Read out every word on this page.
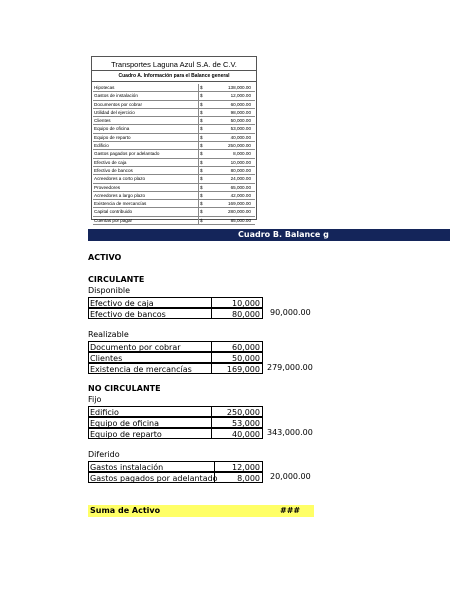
Transportes Laguna Azul S.A. de C.V.
Cuadro A. Información para el Balance general
Hipotecas	$	138,000.00
Gastos de instalación	$	12,000.00
Documentos por cobrar	$	60,000.00
Utilidad del ejercicio	$	98,000.00
Clientes	$	50,000.00
Equipo de oficina	$	53,000.00
Equipo de reparto	$	40,000.00
Edificio	$	250,000.00
Gastos pagados por adelantado	$	8,000.00
Efectivo de caja	$	10,000.00
Efectivo de bancos	$	80,000.00
Acreedores a corto plazo	$	24,000.00
Proveedores	$	65,000.00
Acreedores a largo plazo	$	42,000.00
Existencia de mercancías	$	169,000.00
Capital contribuido	$	280,000.00
Cuentas por pagar	$	85,000.00
Cuadro B. Balance g
ACTIVO
CIRCULANTE
Disponible
Efectivo de caja	10,000
Efectivo de bancos	80,000	90,000.00
Realizable
Documento por cobrar	60,000
Clientes	50,000
Existencia de mercancías	169,000 279,000.00
NO CIRCULANTE
Fijo
Edificio	250,000
Equipo de oficina	53,000
Equipo de reparto	40,000 343,000.00
Diferido
Gastos instalación	12,000
Gastos pagados por adelantado	8,000	20,000.00
Suma de Activo	###
